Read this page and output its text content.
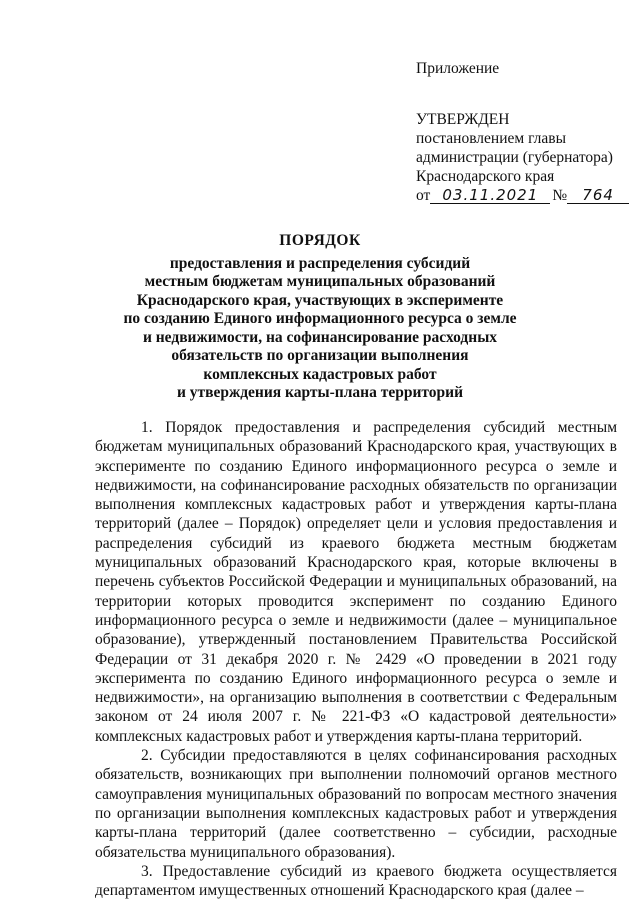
Приложение
УТВЕРЖДЕН
постановлением главы
администрации (губернатора)
Краснодарского края
от 03.11.2021 №	764
ПОРЯДОК
предоставления и распределения субсидий
местным бюджетам муниципальных образований
Краснодарского края, участвующих в эксперименте
по созданию Единого информационного ресурса о земле
и недвижимости, на софинансирование расходных
обязательств по организации выполнения
комплексных кадастровых работ
и утверждения карты-плана территорий

1. Порядок предоставления и распределения субсидий местным бюджетам муниципальных образований Краснодарского края, участвующих в эксперименте по созданию Единого информационного ресурса о земле и недвижимости, на софинансирование расходных обязательств по организации выполнения комплексных кадастровых работ и утверждения карты-плана территорий (далее – Порядок) определяет цели и условия предоставления и распределения субсидий из краевого бюджета местным бюджетам муниципальных образований Краснодарского края, которые включены в перечень субъектов Российской Федерации и муниципальных образований, на территории которых проводится эксперимент по созданию Единого информационного ресурса о земле и недвижимости (далее – муниципальное образование), утвержденный постановлением Правительства Российской Федерации от 31 декабря 2020 г. № 2429 «О проведении в 2021 году эксперимента по созданию Единого информационного ресурса о земле и недвижимости», на организацию выполнения в соответствии с Федеральным законом от 24 июля 2007 г. № 221-ФЗ «О кадастровой деятельности» комплексных кадастровых работ и утверждения карты-плана территорий.

2. Субсидии предоставляются в целях софинансирования расходных обязательств, возникающих при выполнении полномочий органов местного самоуправления муниципальных образований по вопросам местного значения по организации выполнения комплексных кадастровых работ и утверждения карты-плана территорий (далее соответственно – субсидии, расходные обязательства муниципального образования).

3. Предоставление субсидий из краевого бюджета осуществляется департаментом имущественных отношений Краснодарского края (далее –
